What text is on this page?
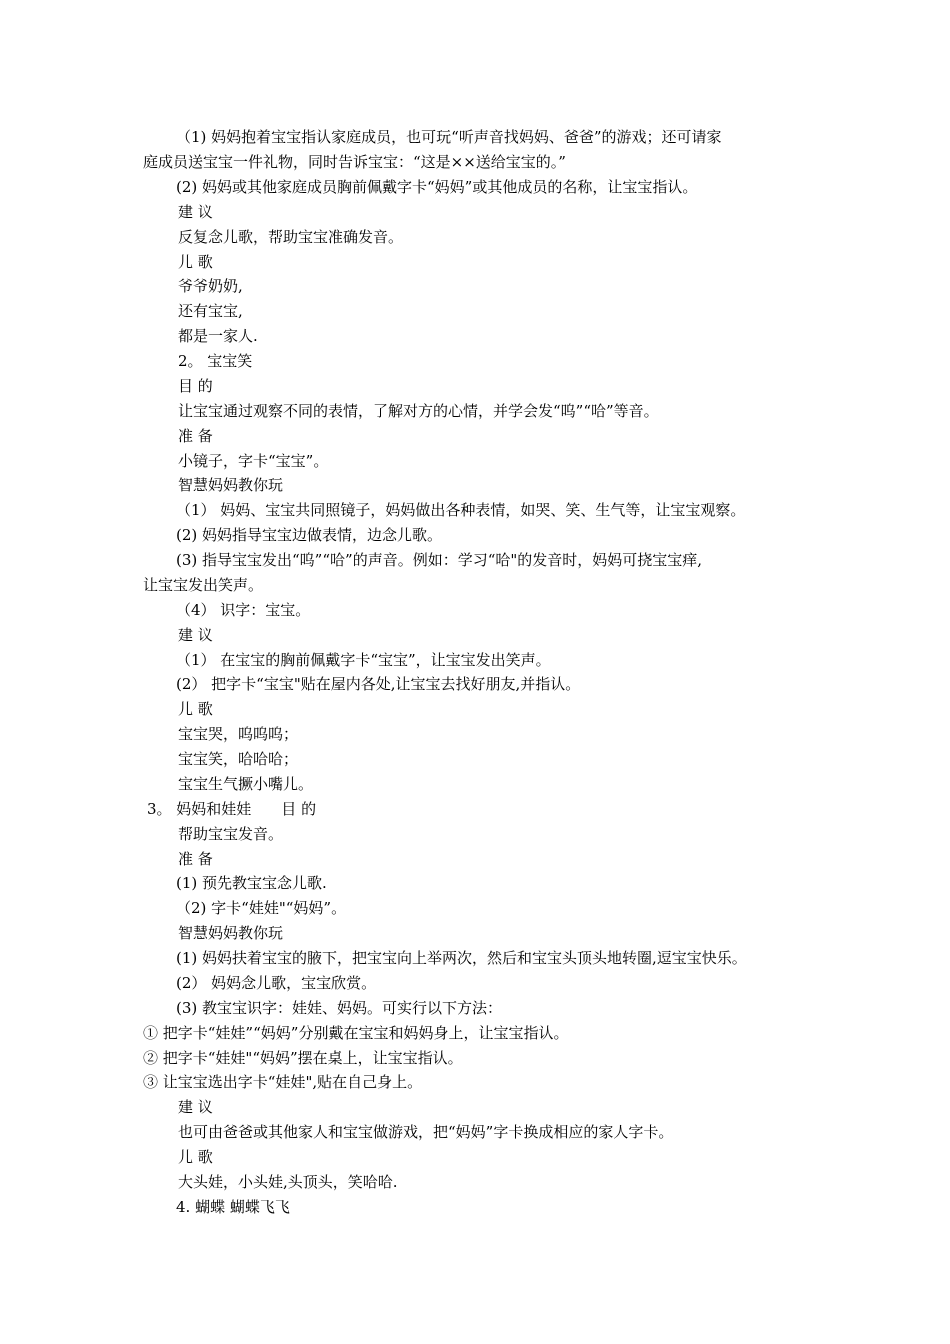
（1) 妈妈抱着宝宝指认家庭成员，也可玩“听声音找妈妈、爸爸”的游戏；还可请家
庭成员送宝宝一件礼物，同时告诉宝宝：“这是××送给宝宝的。”
(2) 妈妈或其他家庭成员胸前佩戴字卡“妈妈”或其他成员的名称，让宝宝指认。
建 议
反复念儿歌，帮助宝宝准确发音。
儿 歌
爷爷奶奶,
还有宝宝,
都是一家人.
2。 宝宝笑
目 的
让宝宝通过观察不同的表情，了解对方的心情，并学会发“呜”“哈”等音。
准 备
小镜子，字卡“宝宝”。
智慧妈妈教你玩
（1） 妈妈、宝宝共同照镜子，妈妈做出各种表情，如哭、笑、生气等，让宝宝观察。
(2) 妈妈指导宝宝边做表情，边念儿歌。
(3) 指导宝宝发出“呜”“哈”的声音。例如：学习“哈"的发音时，妈妈可挠宝宝痒,
让宝宝发出笑声。
（4） 识字：宝宝。
建 议
（1） 在宝宝的胸前佩戴字卡“宝宝”，让宝宝发出笑声。
(2） 把字卡“宝宝"贴在屋内各处,让宝宝去找好朋友,并指认。
儿 歌
宝宝哭，呜呜呜；
宝宝笑，哈哈哈；
宝宝生气撅小嘴儿。
3。 妈妈和娃娃　　目 的
帮助宝宝发音。
准 备
(1) 预先教宝宝念儿歌.
（2) 字卡“娃娃"“妈妈”。
智慧妈妈教你玩
(1) 妈妈扶着宝宝的腋下，把宝宝向上举两次，然后和宝宝头顶头地转圈,逗宝宝快乐。
(2） 妈妈念儿歌，宝宝欣赏。
(3) 教宝宝识字：娃娃、妈妈。可实行以下方法：
① 把字卡“娃娃”“妈妈”分别戴在宝宝和妈妈身上，让宝宝指认。
② 把字卡“娃娃"“妈妈”摆在桌上，让宝宝指认。
③ 让宝宝选出字卡“娃娃",贴在自己身上。
建 议
也可由爸爸或其他家人和宝宝做游戏，把“妈妈”字卡换成相应的家人字卡。
儿 歌
大头娃，小头娃,头顶头，笑哈哈.
4. 蝴蝶 蝴蝶飞飞
